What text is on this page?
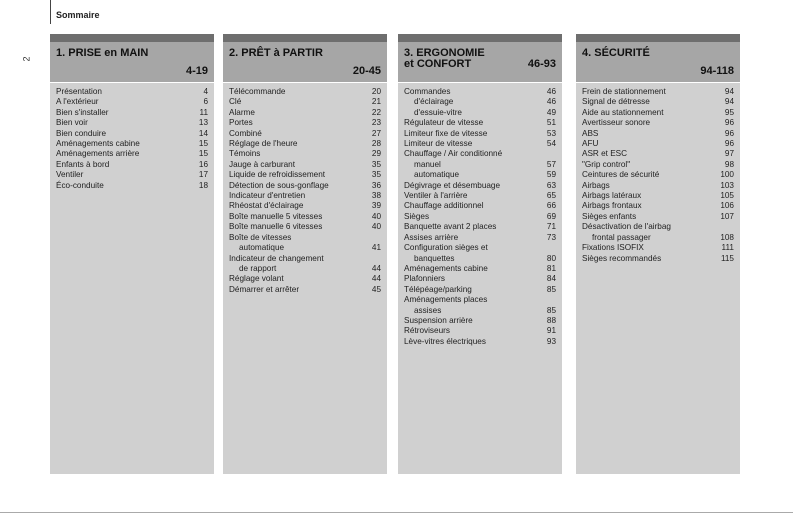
Sommaire
2 1. PRISE en MAIN
4-19
Présentation	4
A l'extérieur	6
Bien s'installer	11
Bien voir	13
Bien conduire	14
Aménagements cabine	15
Aménagements arrière	15
Enfants à bord	16
Ventiler	17
Éco-conduite	18
2. PRÊT à PARTIR
20-45
Télécommande	20
Clé	21
Alarme	22
Portes	23
Combiné	27
Réglage de l'heure	28
Témoins	29
Jauge à carburant	35
Liquide de refroidissement	35
Détection de sous-gonflage	36
Indicateur d'entretien	38
Rhéostat d'éclairage	39
Boîte manuelle 5 vitesses	40
Boîte manuelle 6 vitesses	40
Boîte de vitesses
automatique	41
Indicateur de changement
de rapport	44
Réglage volant	44
Démarrer et arrêter	45
3. ERGONOMIE
et CONFORT	46-93
Commandes	46
d'éclairage	46
d'essuie-vitre	49
Régulateur de vitesse	51
Limiteur fixe de vitesse	53
Limiteur de vitesse	54
Chauffage / Air conditionné
manuel	57
automatique	59
Dégivrage et désembuage	63
Ventiler à l'arrière	65
Chauffage additionnel	66
Sièges	69
Banquette avant 2 places	71
Assises arrière	73
Configuration sièges et
banquettes	80
Aménagements cabine	81
Plafonniers	84
Télépéage/parking	85
Aménagements places
assises	85
Suspension arrière	88
Rétroviseurs	91
Lève-vitres électriques	93
4. SÉCURITÉ
94-118
Frein de stationnement	94
Signal de détresse	94
Aide au stationnement	95
Avertisseur sonore	96
ABS	96
AFU	96
ASR et ESC	97
"Grip control"	98
Ceintures de sécurité	100
Airbags	103
Airbags latéraux	105
Airbags frontaux	106
Sièges enfants	107
Désactivation de l'airbag
frontal passager	108
Fixations ISOFIX	111
Sièges recommandés	115
